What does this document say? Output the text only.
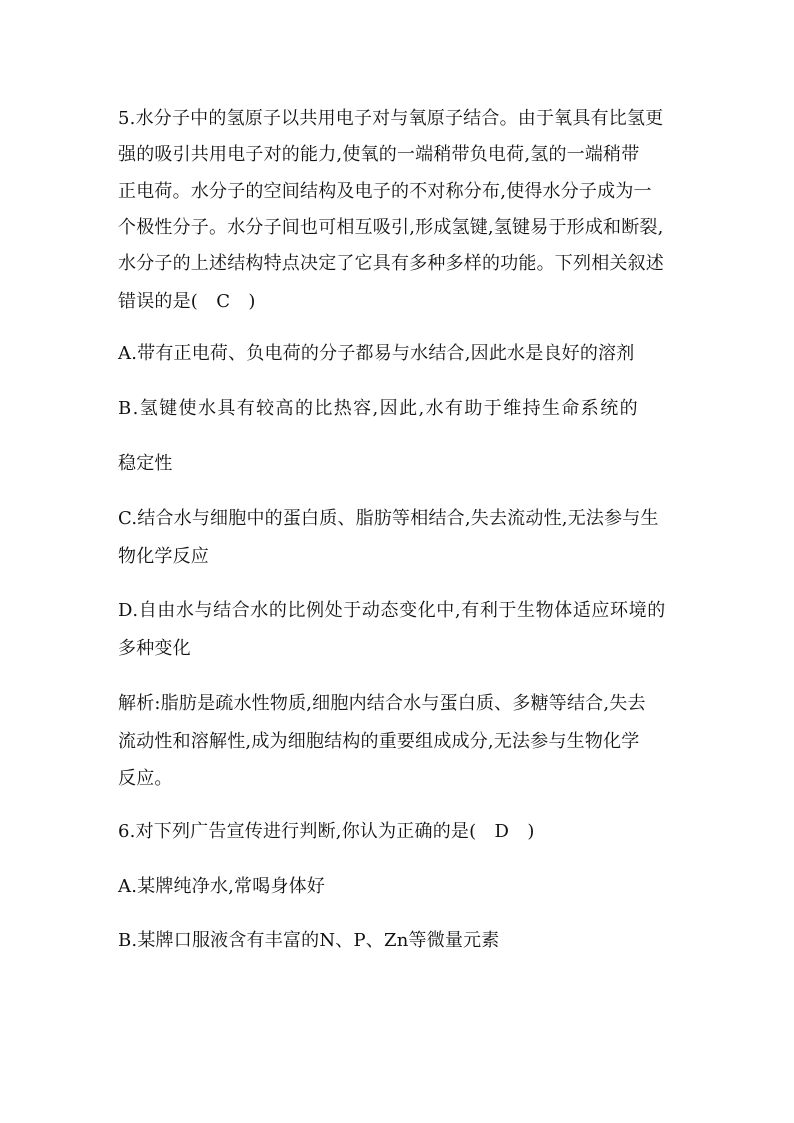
5.水分子中的氢原子以共用电子对与氧原子结合。由于氧具有比氢更
强的吸引共用电子对的能力,使氧的一端稍带负电荷,氢的一端稍带
正电荷。水分子的空间结构及电子的不对称分布,使得水分子成为一
个极性分子。水分子间也可相互吸引,形成氢键,氢键易于形成和断裂,
水分子的上述结构特点决定了它具有多种多样的功能。下列相关叙述
错误的是(　C　)
A.带有正电荷、负电荷的分子都易与水结合,因此水是良好的溶剂
B.氢键使水具有较高的比热容,因此,水有助于维持生命系统的
稳定性
C.结合水与细胞中的蛋白质、脂肪等相结合,失去流动性,无法参与生
物化学反应
D.自由水与结合水的比例处于动态变化中,有利于生物体适应环境的
多种变化
解析:脂肪是疏水性物质,细胞内结合水与蛋白质、多糖等结合,失去
流动性和溶解性,成为细胞结构的重要组成成分,无法参与生物化学
反应。
6.对下列广告宣传进行判断,你认为正确的是(　D　)
A.某牌纯净水,常喝身体好
B.某牌口服液含有丰富的N、P、Zn等微量元素
